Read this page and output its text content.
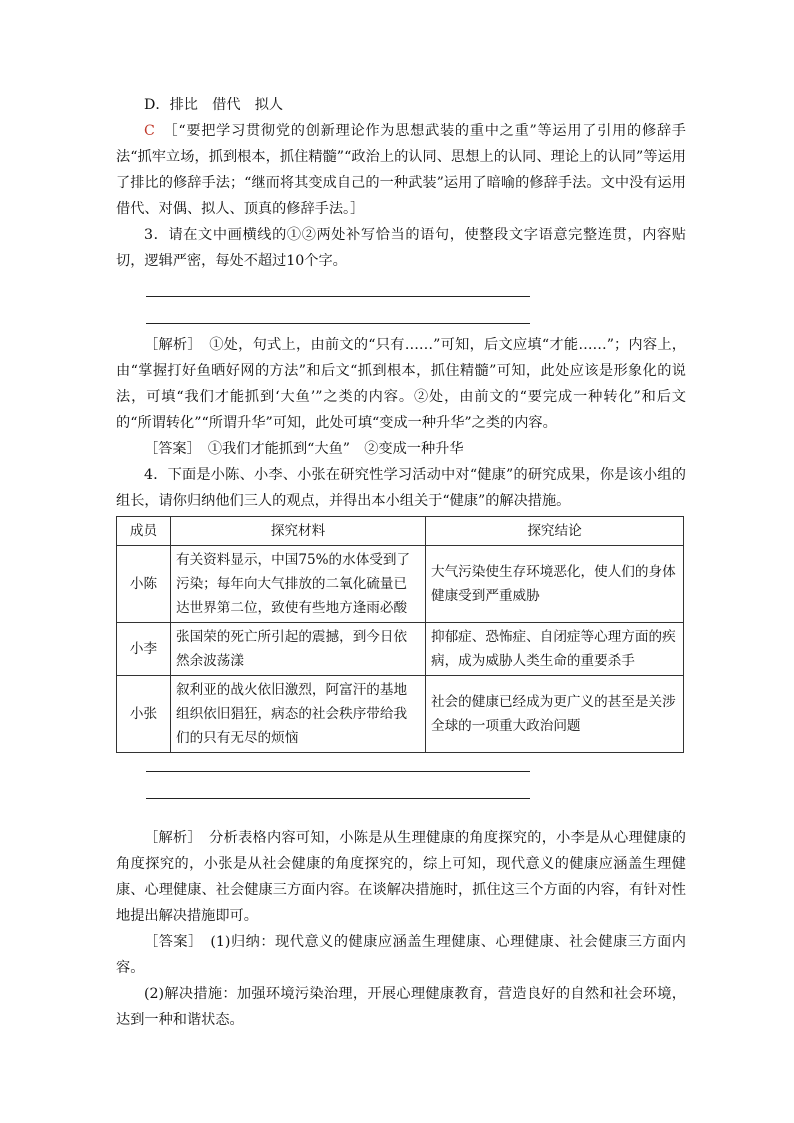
D．排比　借代　拟人

C　 ［“要把学习贯彻党的创新理论作为思想武装的重中之重”等运用了引用的修辞手法“抓牢立场，抓到根本，抓住精髓”“政治上的认同、思想上的认同、理论上的认同”等运用了排比的修辞手法；“继而将其变成自己的一种武装”运用了暗喻的修辞手法。文中没有运用借代、对偶、拟人、顶真的修辞手法。］

3．请在文中画横线的①②两处补写恰当的语句，使整段文字语意完整连贯，内容贴切，逻辑严密，每处不超过10个字。

［解析］　①处，句式上，由前文的“只有……”可知，后文应填“才能……”；内容上，由“掌握打好鱼晒好网的方法”和后文“抓到根本，抓住精髓”可知，此处应该是形象化的说法，可填“我们才能抓到‘大鱼’”之类的内容。②处，由前文的“要完成一种转化”和后文的“所谓转化”“所谓升华”可知，此处可填“变成一种升华”之类的内容。

［答案］　①我们才能抓到“大鱼”　②变成一种升华

4．下面是小陈、小李、小张在研究性学习活动中对“健康”的研究成果，你是该小组的组长，请你归纳他们三人的观点，并得出本小组关于“健康”的解决措施。

成员	探究材料	探究结论
小陈	有关资料显示，中国75%的水体受到了污染；每年向大气排放的二氧化硫量已达世界第二位，致使有些地方逢雨必酸	大气污染使生存环境恶化，使人们的身体健康受到严重威胁
小李	张国荣的死亡所引起的震撼，到今日依然余波荡漾	抑郁症、恐怖症、自闭症等心理方面的疾病，成为威胁人类生命的重要杀手
小张	叙利亚的战火依旧激烈，阿富汗的基地组织依旧猖狂，病态的社会秩序带给我们的只有无尽的烦恼	社会的健康已经成为更广义的甚至是关涉全球的一项重大政治问题

［解析］　分析表格内容可知，小陈是从生理健康的角度探究的，小李是从心理健康的角度探究的，小张是从社会健康的角度探究的，综上可知，现代意义的健康应涵盖生理健康、心理健康、社会健康三方面内容。在谈解决措施时，抓住这三个方面的内容，有针对性地提出解决措施即可。

［答案］　(1)归纳：现代意义的健康应涵盖生理健康、心理健康、社会健康三方面内容。

(2)解决措施：加强环境污染治理，开展心理健康教育，营造良好的自然和社会环境，达到一种和谐状态。
